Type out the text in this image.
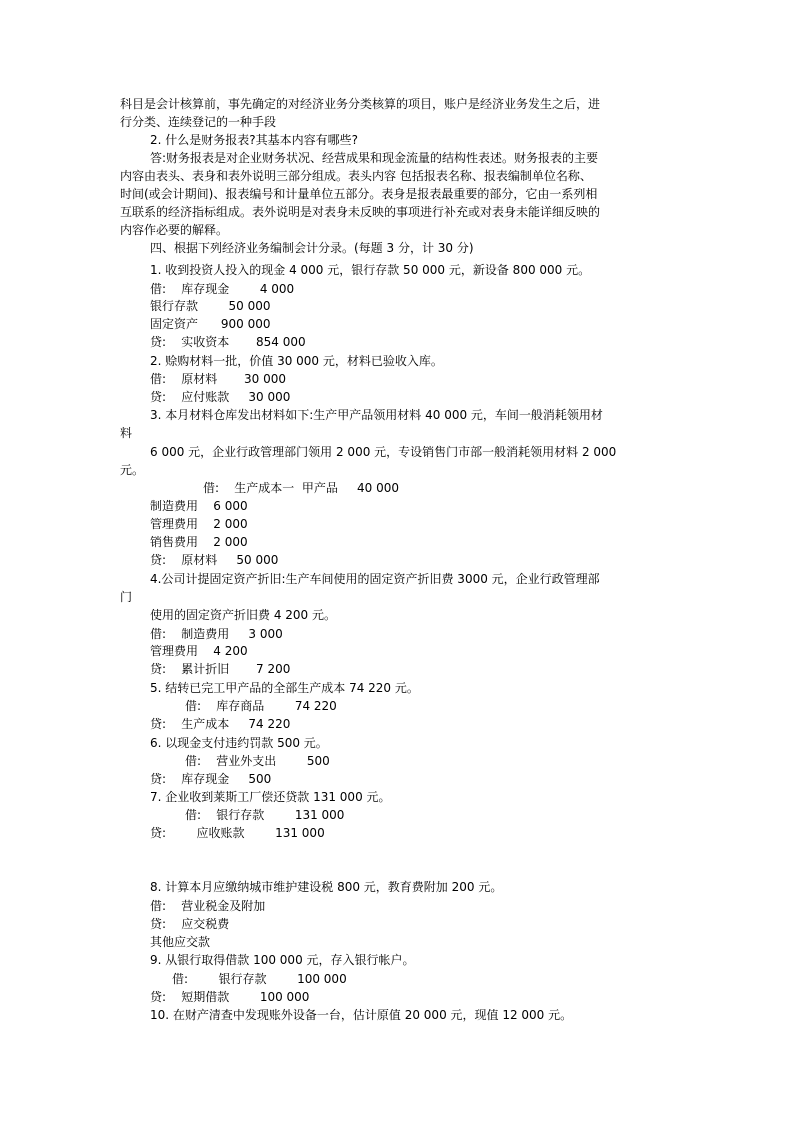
科目是会计核算前，事先确定的对经济业务分类核算的项目，账户是经济业务发生之后，进
行分类、连续登记的一种手段
2. 什么是财务报表?其基本内容有哪些?
答:财务报表是对企业财务状况、经营成果和现金流量的结构性表述。财务报表的主要
内容由表头、表身和表外说明三部分组成。表头内容 包括报表名称、报表编制单位名称、
时间(或会计期间)、报表编号和计量单位五部分。表身是报表最重要的部分，它由一系列相
互联系的经济指标组成。表外说明是对表身未反映的事项进行补充或对表身未能详细反映的
内容作必要的解释。
四、根据下列经济业务编制会计分录。(每题 3 分，计 30 分)
1. 收到投资人投入的现金 4 000 元，银行存款 50 000 元，新设备 800 000 元。
借:    库存现金        4 000
银行存款        50 000
固定资产      900 000
贷:    实收资本       854 000
2. 赊购材料一批，价值 30 000 元，材料已验收入库。
借:    原材料       30 000
贷:    应付账款     30 000
3. 本月材料仓库发出材料如下:生产甲产品领用材料 40 000 元，车间一般消耗领用材
料
6 000 元，企业行政管理部门领用 2 000 元，专设销售门市部一般消耗领用材料 2 000
元。
借:    生产成本一  甲产品     40 000
制造费用    6 000
管理费用    2 000
销售费用    2 000
贷:    原材料     50 000
4.公司计提固定资产折旧:生产车间使用的固定资产折旧费 3000 元，企业行政管理部
门
使用的固定资产折旧费 4 200 元。
借:    制造费用     3 000
管理费用    4 200
贷:    累计折旧       7 200
5. 结转已完工甲产品的全部生产成本 74 220 元。
借:    库存商品        74 220
贷:    生产成本     74 220
6. 以现金支付违约罚款 500 元。
借:    营业外支出        500
贷:    库存现金     500
7. 企业收到莱斯工厂偿还贷款 131 000 元。
借:    银行存款        131 000
贷:        应收账款        131 000
8. 计算本月应缴纳城市维护建设税 800 元，教育费附加 200 元。
借:    营业税金及附加
贷:    应交税费
其他应交款
9. 从银行取得借款 100 000 元，存入银行帐户。
借:        银行存款        100 000
贷:    短期借款        100 000
10. 在财产清查中发现账外设备一台，估计原值 20 000 元，现值 12 000 元。
